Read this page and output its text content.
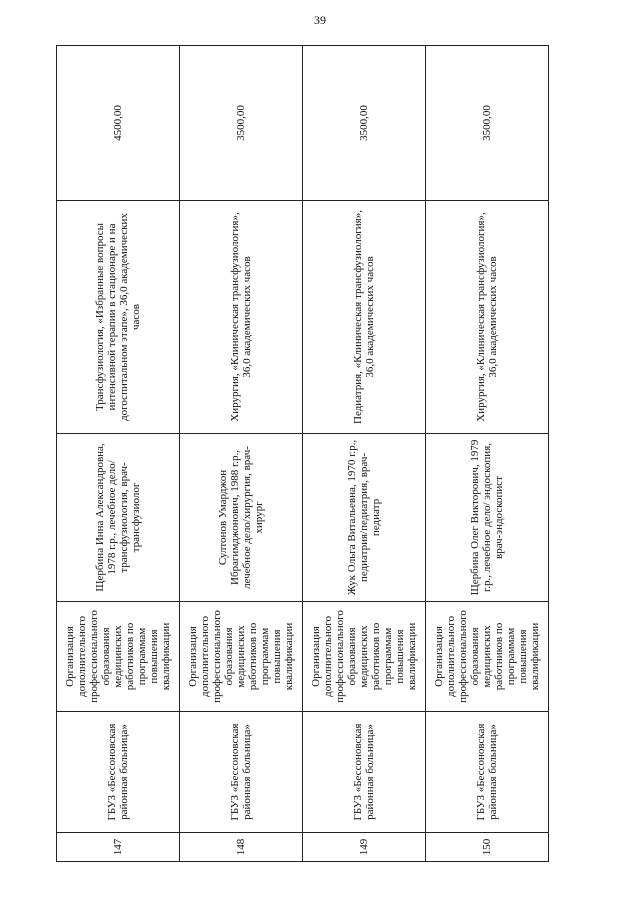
39
147	ГБУЗ «Бессоновская районная больница»	Организация дополнительного профессионального образования медицинских работников по программам повышения квалификации	Щербина Инна Александровна, 1978 г.р., лечебное дело/ трансфузиология, врач-трансфузиолог	Трансфузиология, «Избранные вопросы интенсивной терапии в стационаре и на догоспитальном этапе», 36,0 академических часов	4500,00
148	ГБУЗ «Бессоновская районная больница»	Организация дополнительного профессионального образования медицинских работников по программам повышения квалификации	Султонов Умарджон Ибрагимджонович, 1988 г.р., лечебное дело/хирургия, врач-хирург	Хирургия, «Клиническая трансфузиология», 36,0 академических часов	3500,00
149	ГБУЗ «Бессоновская районная больница»	Организация дополнительного профессионального образования медицинских работников по программам повышения квалификации	Жук Ольга Витальевна, 1970 г.р., педиатрия/педиатрия, врач-педиатр	Педиатрия, «Клиническая трансфузиология», 36,0 академических часов	3500,00
150	ГБУЗ «Бессоновская районная больница»	Организация дополнительного профессионального образования медицинских работников по программам повышения квалификации	Щербина Олег Викторович, 1979 г.р., лечебное дело/ эндоскопия, врач-эндоскопист	Хирургия, «Клиническая трансфузиология», 36,0 академических часов	3500,00
